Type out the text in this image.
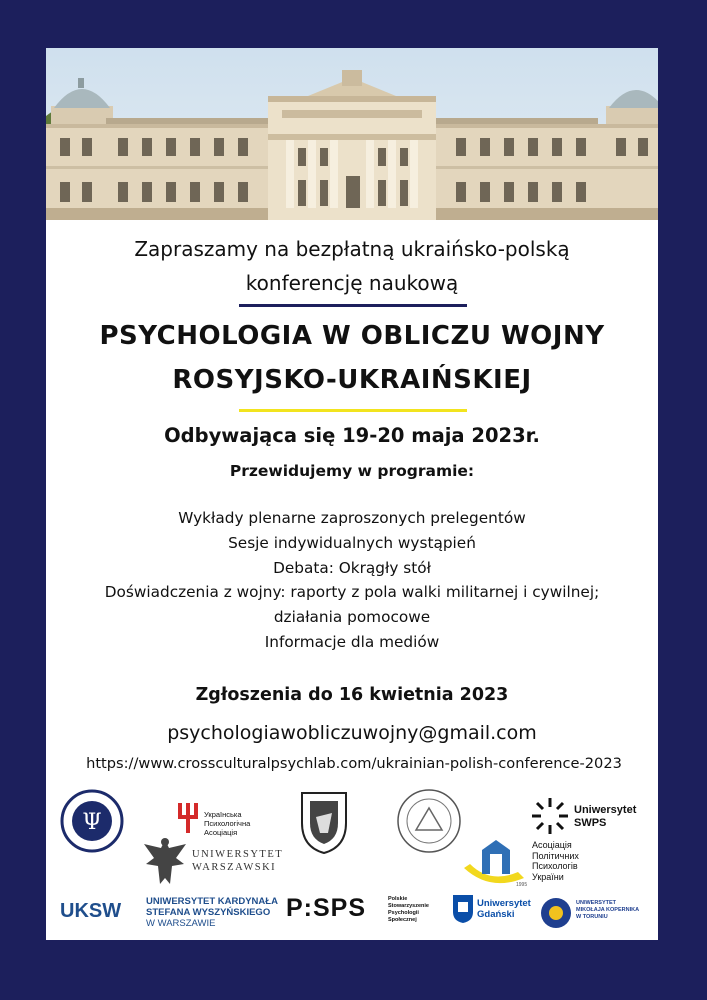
Zapraszamy na bezpłatną ukraińsko-polską
konferencję naukową
PSYCHOLOGIA W OBLICZU WOJNY
ROSYJSKO-UKRAIŃSKIEJ
Odbywająca się 19-20 maja 2023r.
Przewidujemy w programie:
Wykłady plenarne zaproszonych prelegentów
Sesje indywidualnych wystąpień
Debata: Okrągły stół
Doświadczenia z wojny: raporty z pola walki militarnej i cywilnej;
działania pomocowe
Informacje dla mediów
Zgłoszenia do 16 kwietnia 2023
psychologiawobliczuwojny@gmail.com
https://www.crossculturalpsychlab.com/ukrainian-polish-conference-2023
Ψ	Українська
Психологічна
Асоціація
Uniwersytet
SWPS
UNIWERSYTET
WARSZAWSKI
Асоціація
Політичних
Психологів
України
1995
UKSW	UNIWERSYTET KARDYNAŁA
STEFANA WYSZYŃSKIEGO
W WARSZAWIE
P:SPS	Polskie
Stowarzyszenie
Psychologii
Społecznej
Uniwersytet
Gdański
UNIWERSYTET
MIKOŁAJA KOPERNIKA
W TORUNIU
